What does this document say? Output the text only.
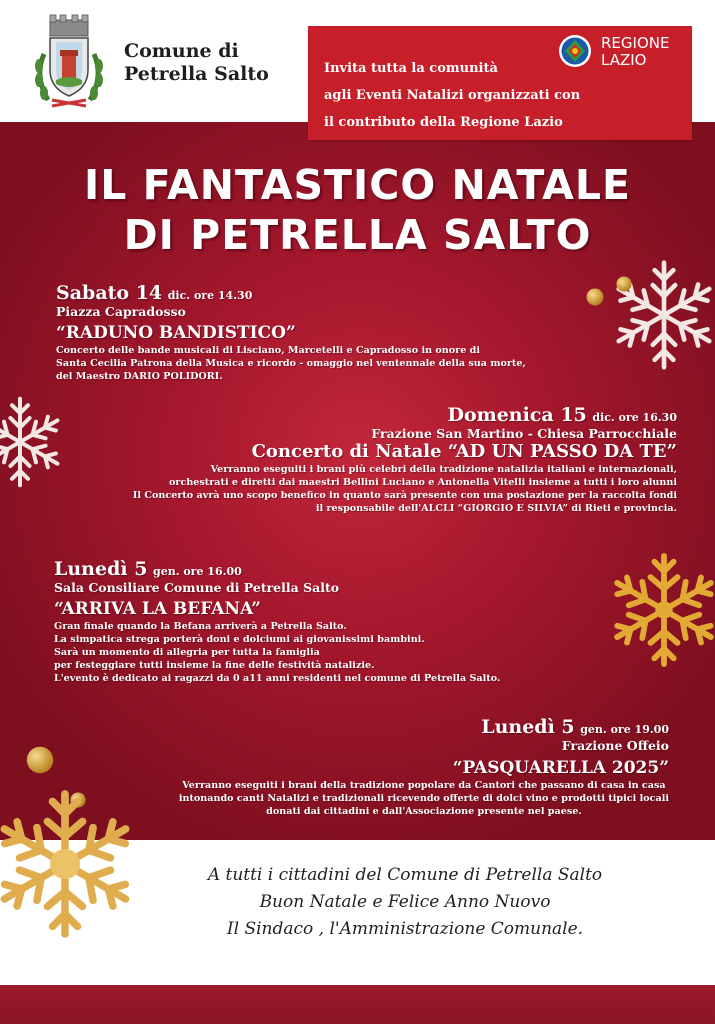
Comune di
Petrella Salto
REGIONE
LAZIO
Invita tutta la comunità
agli Eventi Natalizi organizzati con
il contributo della Regione Lazio
IL FANTASTICO NATALE
DI PETRELLA SALTO
Sabato 14 dic. ore 14.30
Piazza Capradosso
“RADUNO BANDISTICO”
Concerto delle bande musicali di Lisciano, Marcetelli e Capradosso in onore di
Santa Cecilia Patrona della Musica e ricordo - omaggio nel ventennale della sua morte,
del Maestro DARIO POLIDORI.
Domenica 15 dic. ore 16.30
Frazione San Martino - Chiesa Parrocchiale
Concerto di Natale “AD UN PASSO DA TE”
Verranno eseguiti i brani più celebri della tradizione natalizia italiani e internazionali,
orchestrati e diretti dai maestri Bellini Luciano e Antonella Vitelli insieme a tutti i loro alunni
Il Concerto avrà uno scopo benefico in quanto sarà presente con una postazione per la raccolta fondi
il responsabile dell'ALCLI “GIORGIO E SILVIA” di Rieti e provincia.
Lunedì 5 gen. ore 16.00
Sala Consiliare Comune di Petrella Salto
“ARRIVA LA BEFANA”
Gran finale quando la Befana arriverà a Petrella Salto.
La simpatica strega porterà doni e dolciumi ai giovanissimi bambini.
Sarà un momento di allegria per tutta la famiglia
per festeggiare tutti insieme la fine delle festività natalizie.
L'evento è dedicato ai ragazzi da 0 a11 anni residenti nel comune di Petrella Salto.
Lunedì 5 gen. ore 19.00
Frazione Offeio
“PASQUARELLA 2025”
Verranno eseguiti i brani della tradizione popolare da Cantori che passano di casa in casa
intonando canti Natalizi e tradizionali ricevendo offerte di dolci vino e prodotti tipici locali
donati dai cittadini e dall'Associazione presente nel paese.
A tutti i cittadini del Comune di Petrella Salto
Buon Natale e Felice Anno Nuovo
Il Sindaco , l'Amministrazione Comunale.
